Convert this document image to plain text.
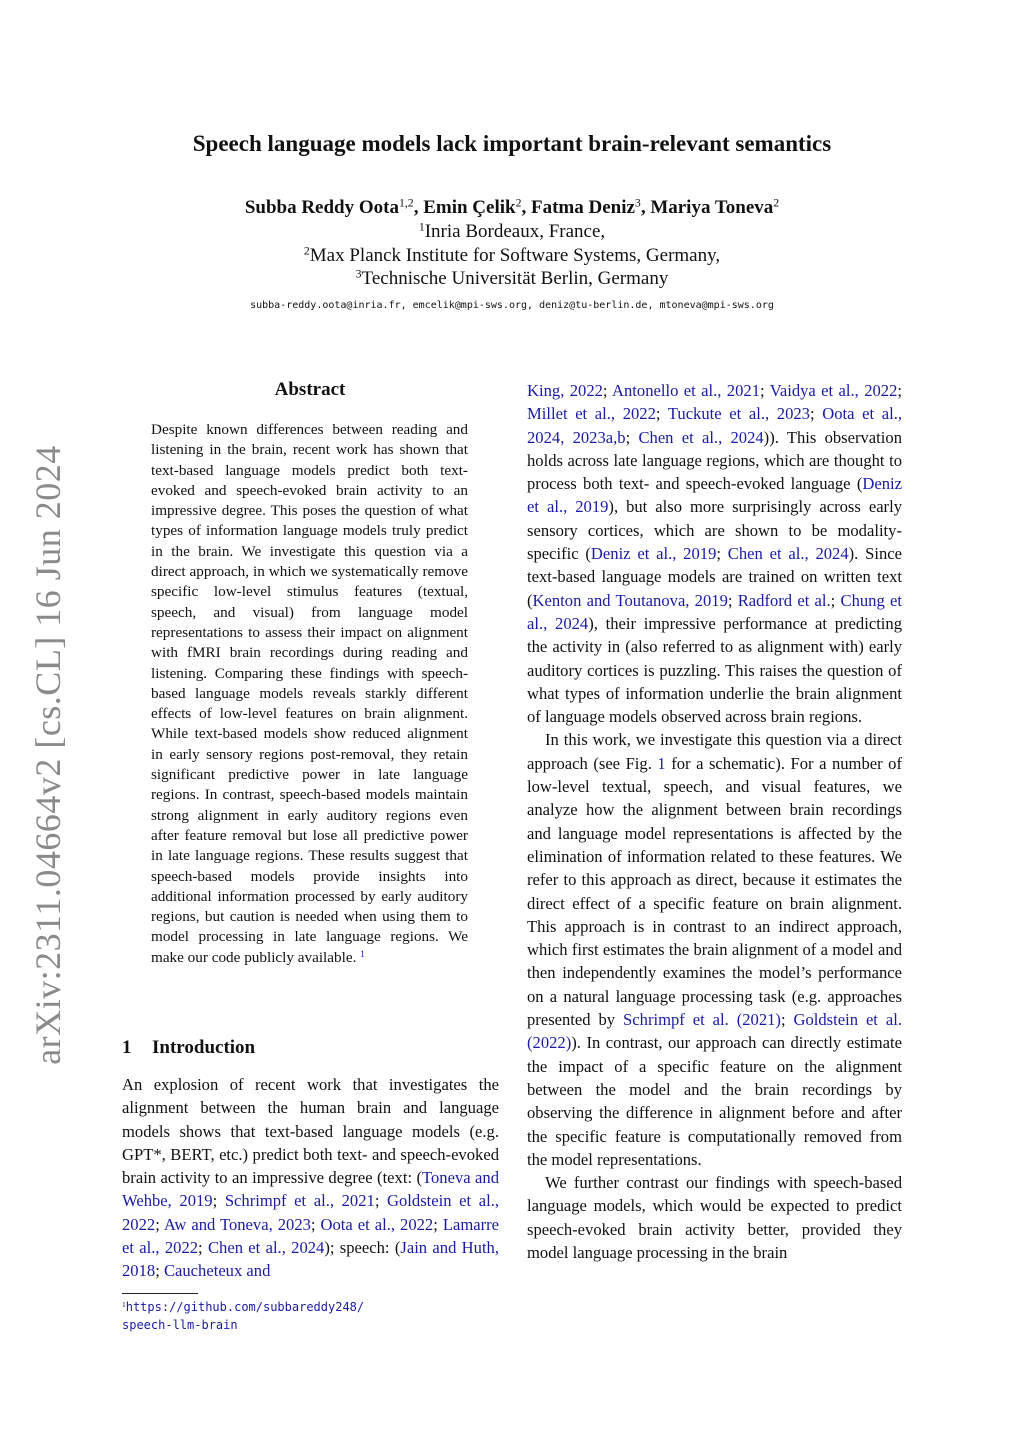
arXiv:2311.04664v2 [cs.CL] 16 Jun 2024
Speech language models lack important brain-relevant semantics
Subba Reddy Oota$^{1,2}$, Emin Çelik$^2$, Fatma Deniz$^3$, Mariya Toneva$^2$
$^1$Inria Bordeaux, France,
$^2$Max Planck Institute for Software Systems, Germany,
$^3$Technische Universität Berlin, Germany
subba-reddy.oota@inria.fr, emcelik@mpi-sws.org, deniz@tu-berlin.de, mtoneva@mpi-sws.org
Abstract
Despite known differences between reading and listening in the brain, recent work has shown that text-based language models predict both text-evoked and speech-evoked brain activity to an impressive degree. This poses the question of what types of information language models truly predict in the brain. We investigate this question via a direct approach, in which we systematically remove specific low-level stimulus features (textual, speech, and visual) from language model representations to assess their impact on alignment with fMRI brain recordings during reading and listening. Comparing these findings with speech-based language models reveals starkly different effects of low-level features on brain alignment. While text-based models show reduced alignment in early sensory regions post-removal, they retain significant predictive power in late language regions. In contrast, speech-based models maintain strong alignment in early auditory regions even after feature removal but lose all predictive power in late language regions. These results suggest that speech-based models provide insights into additional information processed by early auditory regions, but caution is needed when using them to model processing in late language regions. We make our code publicly available. $^1$
1 Introduction
An explosion of recent work that investigates the alignment between the human brain and language models shows that text-based language models (e.g. GPT*, BERT, etc.) predict both text- and speech-evoked brain activity to an impressive degree (text: (Toneva and Wehbe, 2019; Schrimpf et al., 2021; Goldstein et al., 2022; Aw and Toneva, 2023; Oota et al., 2022; Lamarre et al., 2022; Chen et al., 2024); speech: (Jain and Huth, 2018; Caucheteux and
$^1$https://github.com/subbareddy248/
speech-llm-brain

King, 2022; Antonello et al., 2021; Vaidya et al., 2022; Millet et al., 2022; Tuckute et al., 2023; Oota et al., 2024, 2023a,b; Chen et al., 2024)). This observation holds across late language regions, which are thought to process both text- and speech-evoked language (Deniz et al., 2019), but also more surprisingly across early sensory cortices, which are shown to be modality-specific (Deniz et al., 2019; Chen et al., 2024). Since text-based language models are trained on written text (Kenton and Toutanova, 2019; Radford et al.; Chung et al., 2024), their impressive performance at predicting the activity in (also referred to as alignment with) early auditory cortices is puzzling. This raises the question of what types of information underlie the brain alignment of language models observed across brain regions.

In this work, we investigate this question via a direct approach (see Fig. 1 for a schematic). For a number of low-level textual, speech, and visual features, we analyze how the alignment between brain recordings and language model representations is affected by the elimination of information related to these features. We refer to this approach as direct, because it estimates the direct effect of a specific feature on brain alignment. This approach is in contrast to an indirect approach, which first estimates the brain alignment of a model and then independently examines the model’s performance on a natural language processing task (e.g. approaches presented by Schrimpf et al. (2021); Goldstein et al. (2022)). In contrast, our approach can directly estimate the impact of a specific feature on the alignment between the model and the brain recordings by observing the difference in alignment before and after the specific feature is computationally removed from the model representations.

We further contrast our findings with speech-based language models, which would be expected to predict speech-evoked brain activity better, provided they model language processing in the brain
